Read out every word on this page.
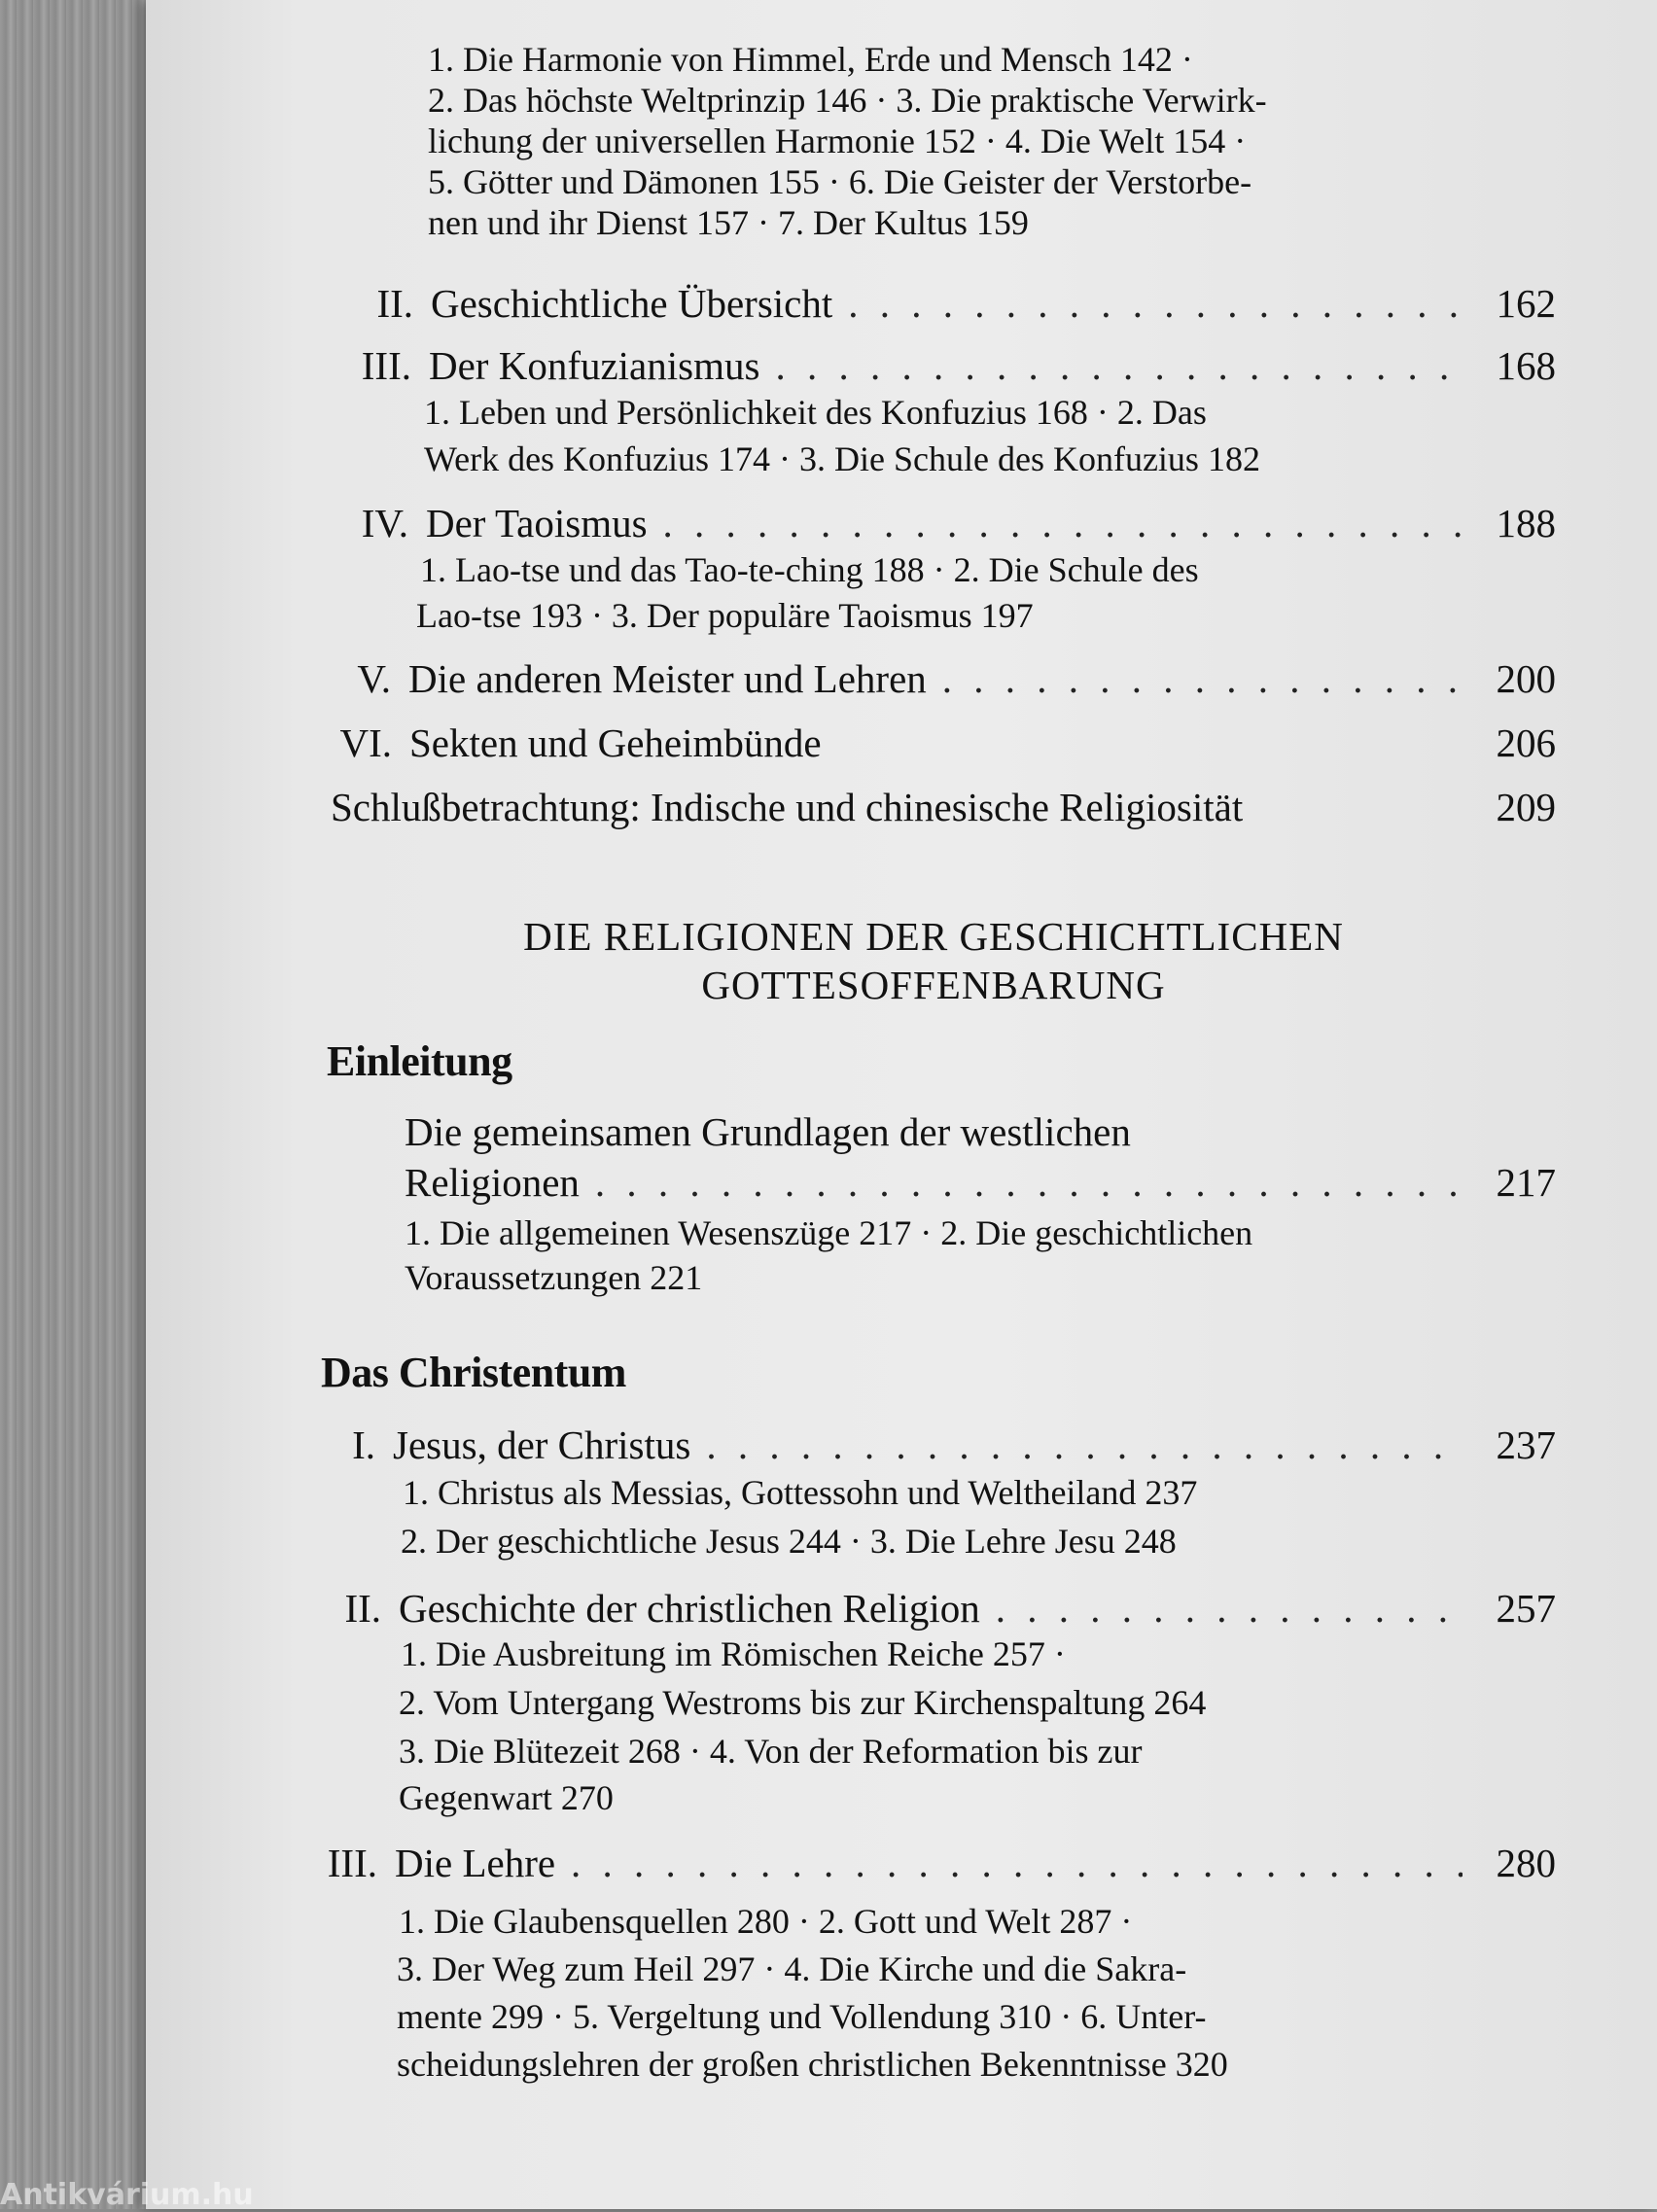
1. Die Harmonie von Himmel, Erde und Mensch 142 ·
2. Das höchste Weltprinzip 146 · 3. Die praktische Verwirk-
lichung der universellen Harmonie 152 · 4. Die Welt 154 ·
5. Götter und Dämonen 155 · 6. Die Geister der Verstorbe-
nen und ihr Dienst 157 · 7. Der Kultus 159
II. Geschichtliche Übersicht . . .	162
III. Der Konfuzianismus . . .	168
1. Leben und Persönlichkeit des Konfuzius 168 · 2. Das
Werk des Konfuzius 174 · 3. Die Schule des Konfuzius 182
IV. Der Taoismus . . .	188
1. Lao-tse und das Tao-te-ching 188 · 2. Die Schule des
Lao-tse 193 · 3. Der populäre Taoismus 197
V. Die anderen Meister und Lehren . . .	200
VI. Sekten und Geheimbünde	206
Schlußbetrachtung: Indische und chinesische Religiosität	209
DIE RELIGIONEN DER GESCHICHTLICHEN
GOTTESOFFENBARUNG
Einleitung
Die gemeinsamen Grundlagen der westlichen
Religionen . . .	217
1. Die allgemeinen Wesenszüge 217 · 2. Die geschichtlichen
Voraussetzungen 221
Das Christentum
I. Jesus, der Christus . . .	237
1. Christus als Messias, Gottessohn und Weltheiland 237
2. Der geschichtliche Jesus 244 · 3. Die Lehre Jesu 248
II. Geschichte der christlichen Religion . . .	257
1. Die Ausbreitung im Römischen Reiche 257 ·
2. Vom Untergang Westroms bis zur Kirchenspaltung 264
3. Die Blütezeit 268 · 4. Von der Reformation bis zur
Gegenwart 270
III. Die Lehre . . .	280
1. Die Glaubensquellen 280 · 2. Gott und Welt 287 ·
3. Der Weg zum Heil 297 · 4. Die Kirche und die Sakra-
mente 299 · 5. Vergeltung und Vollendung 310 · 6. Unter-
scheidungslehren der großen christlichen Bekenntnisse 320
Antikvárium.hu
